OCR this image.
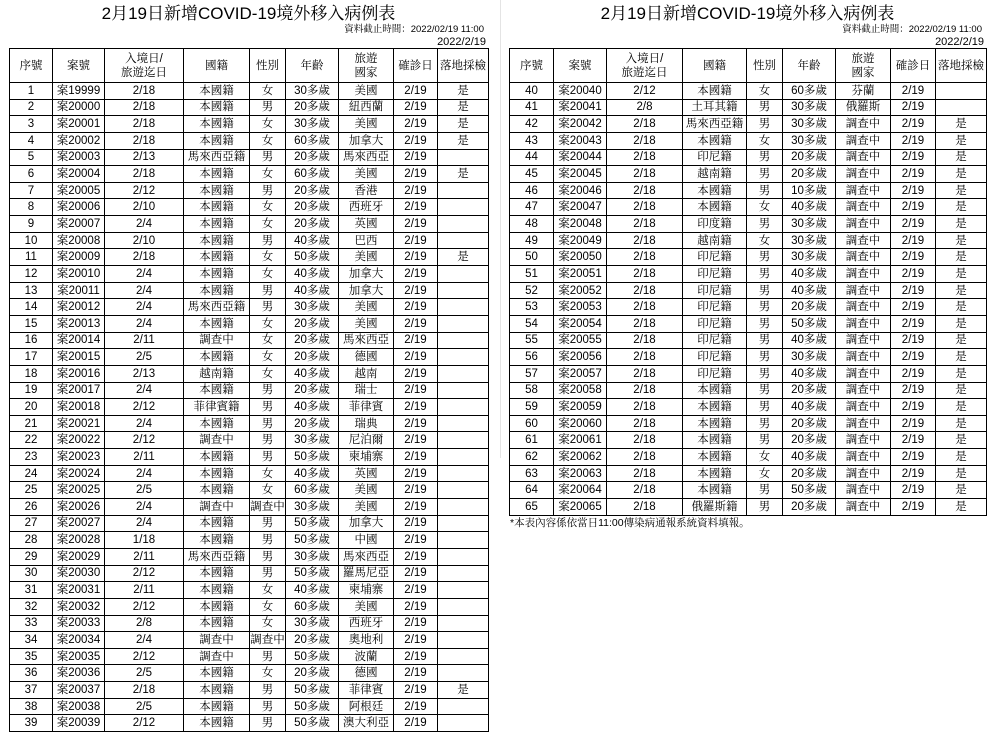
2月19日新增COVID-19境外移入病例表
資料截止時間：2022/02/19 11:00
2022/2/19
序號	案號	入境日/
旅遊迄日	國籍	性別	年齡	旅遊
國家	確診日	落地採檢
1	案19999	2/18	本國籍	女	30多歲	美國	2/19	是
2	案20000	2/18	本國籍	男	20多歲	紐西蘭	2/19	是
3	案20001	2/18	本國籍	女	30多歲	美國	2/19	是
4	案20002	2/18	本國籍	女	60多歲	加拿大	2/19	是
5	案20003	2/13	馬來西亞籍	男	20多歲	馬來西亞	2/19	
6	案20004	2/18	本國籍	女	60多歲	美國	2/19	是
7	案20005	2/12	本國籍	男	20多歲	香港	2/19	
8	案20006	2/10	本國籍	女	20多歲	西班牙	2/19	
9	案20007	2/4	本國籍	女	20多歲	英國	2/19	
10	案20008	2/10	本國籍	男	40多歲	巴西	2/19	
11	案20009	2/18	本國籍	女	50多歲	美國	2/19	是
12	案20010	2/4	本國籍	女	40多歲	加拿大	2/19	
13	案20011	2/4	本國籍	男	40多歲	加拿大	2/19	
14	案20012	2/4	馬來西亞籍	男	30多歲	美國	2/19	
15	案20013	2/4	本國籍	女	20多歲	美國	2/19	
16	案20014	2/11	調查中	女	20多歲	馬來西亞	2/19	
17	案20015	2/5	本國籍	女	20多歲	德國	2/19	
18	案20016	2/13	越南籍	女	40多歲	越南	2/19	
19	案20017	2/4	本國籍	男	20多歲	瑞士	2/19	
20	案20018	2/12	菲律賓籍	男	40多歲	菲律賓	2/19	
21	案20021	2/4	本國籍	男	20多歲	瑞典	2/19	
22	案20022	2/12	調查中	男	30多歲	尼泊爾	2/19	
23	案20023	2/11	本國籍	男	50多歲	柬埔寨	2/19	
24	案20024	2/4	本國籍	女	40多歲	英國	2/19	
25	案20025	2/5	本國籍	女	60多歲	美國	2/19	
26	案20026	2/4	調查中	調查中	30多歲	美國	2/19	
27	案20027	2/4	本國籍	男	50多歲	加拿大	2/19	
28	案20028	1/18	本國籍	男	50多歲	中國	2/19	
29	案20029	2/11	馬來西亞籍	男	30多歲	馬來西亞	2/19	
30	案20030	2/12	本國籍	男	50多歲	羅馬尼亞	2/19	
31	案20031	2/11	本國籍	女	40多歲	柬埔寨	2/19	
32	案20032	2/12	本國籍	女	60多歲	美國	2/19	
33	案20033	2/8	本國籍	女	30多歲	西班牙	2/19	
34	案20034	2/4	調查中	調查中	20多歲	奧地利	2/19	
35	案20035	2/12	調查中	男	50多歲	波蘭	2/19	
36	案20036	2/5	本國籍	女	20多歲	德國	2/19	
37	案20037	2/18	本國籍	男	50多歲	菲律賓	2/19	是
38	案20038	2/5	本國籍	男	50多歲	阿根廷	2/19	
39	案20039	2/12	本國籍	男	50多歲	澳大利亞	2/19	
2月19日新增COVID-19境外移入病例表
資料截止時間：2022/02/19 11:00
2022/2/19
序號	案號	入境日/
旅遊迄日	國籍	性別	年齡	旅遊
國家	確診日	落地採檢
40	案20040	2/12	本國籍	女	60多歲	芬蘭	2/19	
41	案20041	2/8	土耳其籍	男	30多歲	俄羅斯	2/19	
42	案20042	2/18	馬來西亞籍	男	30多歲	調查中	2/19	是
43	案20043	2/18	本國籍	女	30多歲	調查中	2/19	是
44	案20044	2/18	印尼籍	男	20多歲	調查中	2/19	是
45	案20045	2/18	越南籍	男	20多歲	調查中	2/19	是
46	案20046	2/18	本國籍	男	10多歲	調查中	2/19	是
47	案20047	2/18	本國籍	女	40多歲	調查中	2/19	是
48	案20048	2/18	印度籍	男	30多歲	調查中	2/19	是
49	案20049	2/18	越南籍	女	30多歲	調查中	2/19	是
50	案20050	2/18	印尼籍	男	30多歲	調查中	2/19	是
51	案20051	2/18	印尼籍	男	40多歲	調查中	2/19	是
52	案20052	2/18	印尼籍	男	40多歲	調查中	2/19	是
53	案20053	2/18	印尼籍	男	20多歲	調查中	2/19	是
54	案20054	2/18	印尼籍	男	50多歲	調查中	2/19	是
55	案20055	2/18	印尼籍	男	40多歲	調查中	2/19	是
56	案20056	2/18	印尼籍	男	30多歲	調查中	2/19	是
57	案20057	2/18	印尼籍	男	40多歲	調查中	2/19	是
58	案20058	2/18	本國籍	男	20多歲	調查中	2/19	是
59	案20059	2/18	本國籍	男	40多歲	調查中	2/19	是
60	案20060	2/18	本國籍	男	20多歲	調查中	2/19	是
61	案20061	2/18	本國籍	男	20多歲	調查中	2/19	是
62	案20062	2/18	本國籍	女	40多歲	調查中	2/19	是
63	案20063	2/18	本國籍	女	20多歲	調查中	2/19	是
64	案20064	2/18	本國籍	男	50多歲	調查中	2/19	是
65	案20065	2/18	俄羅斯籍	男	20多歲	調查中	2/19	是
*本表內容係依當日11:00傳染病通報系統資料填報。
